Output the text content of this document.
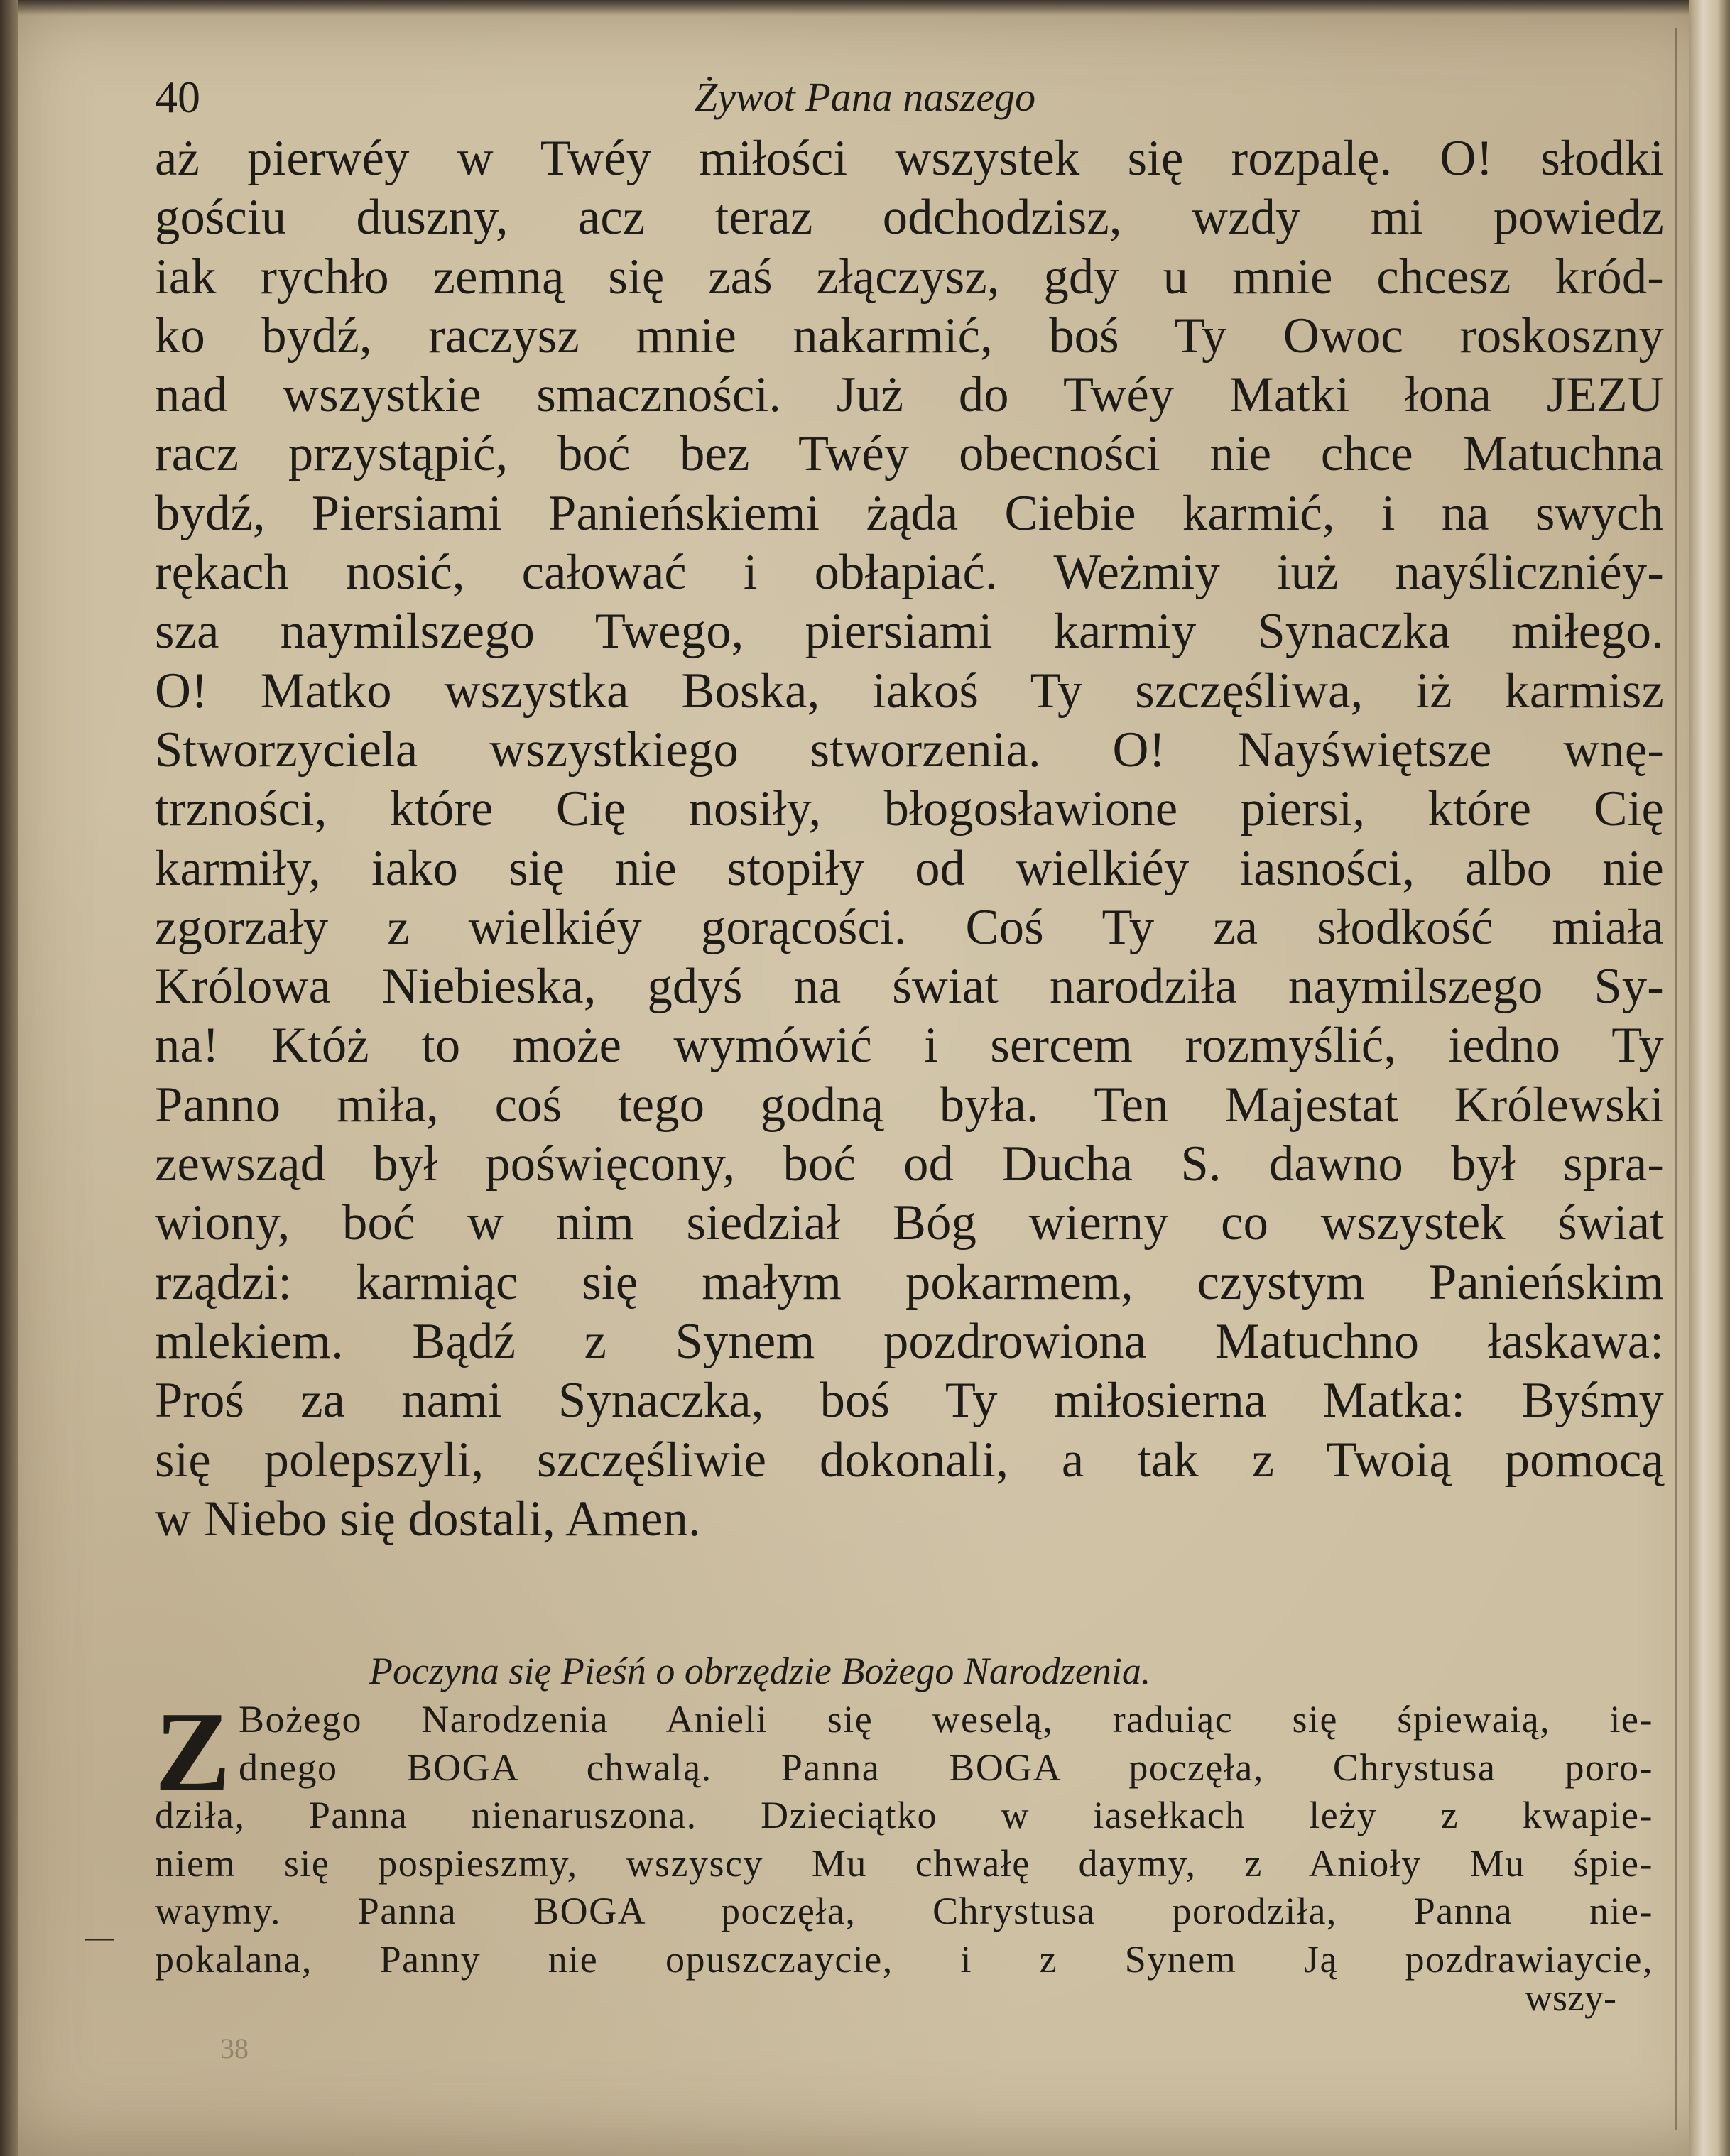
40	Żywot Pana naszego
aż pierwéy w Twéy miłości wszystek się rozpalę. O! słodki
gościu duszny, acz teraz odchodzisz, wzdy mi powiedz
iak rychło zemną się zaś złączysz, gdy u mnie chcesz kród-
ko bydź, raczysz mnie nakarmić, boś Ty Owoc roskoszny
nad wszystkie smaczności. Już do Twéy Matki łona JEZU
racz przystąpić, boć bez Twéy obecności nie chce Matuchna
bydź, Piersiami Panieńskiemi żąda Ciebie karmić, i na swych
rękach nosić, całować i obłapiać. Weżmiy iuż nayśliczniéy-
sza naymilszego Twego, piersiami karmiy Synaczka miłego.
O! Matko wszystka Boska, iakoś Ty szczęśliwa, iż karmisz
Stworzyciela wszystkiego stworzenia. O! Nayświętsze wnę-
trzności, które Cię nosiły, błogosławione piersi, które Cię
karmiły, iako się nie stopiły od wielkiéy iasności, albo nie
zgorzały z wielkiéy gorącości. Coś Ty za słodkość miała
Królowa Niebieska, gdyś na świat narodziła naymilszego Sy-
na! Któż to może wymówić i sercem rozmyślić, iedno Ty
Panno miła, coś tego godną była. Ten Majestat Królewski
zewsząd był poświęcony, boć od Ducha S. dawno był spra-
wiony, boć w nim siedział Bóg wierny co wszystek świat
rządzi: karmiąc się małym pokarmem, czystym Panieńskim
mlekiem. Bądź z Synem pozdrowiona Matuchno łaskawa:
Proś za nami Synaczka, boś Ty miłosierna Matka: Byśmy
się polepszyli, szczęśliwie dokonali, a tak z Twoią pomocą
w Niebo się dostali, Amen.
Poczyna się Pieśń o obrzędzie Bożego Narodzenia.
Z Bożego Narodzenia Anieli się weselą, raduiąc się śpiewaią, ie-
dnego BOGA chwalą. Panna BOGA poczęła, Chrystusa poro-
dziła, Panna nienaruszona. Dzieciątko w iasełkach leży z kwapie-
niem się pospieszmy, wszyscy Mu chwałę daymy, z Anioły Mu śpie-
waymy. Panna BOGA poczęła, Chrystusa porodziła, Panna nie-
pokalana, Panny nie opuszczaycie, i z Synem Ją pozdrawiaycie,
wszy-
—
38
